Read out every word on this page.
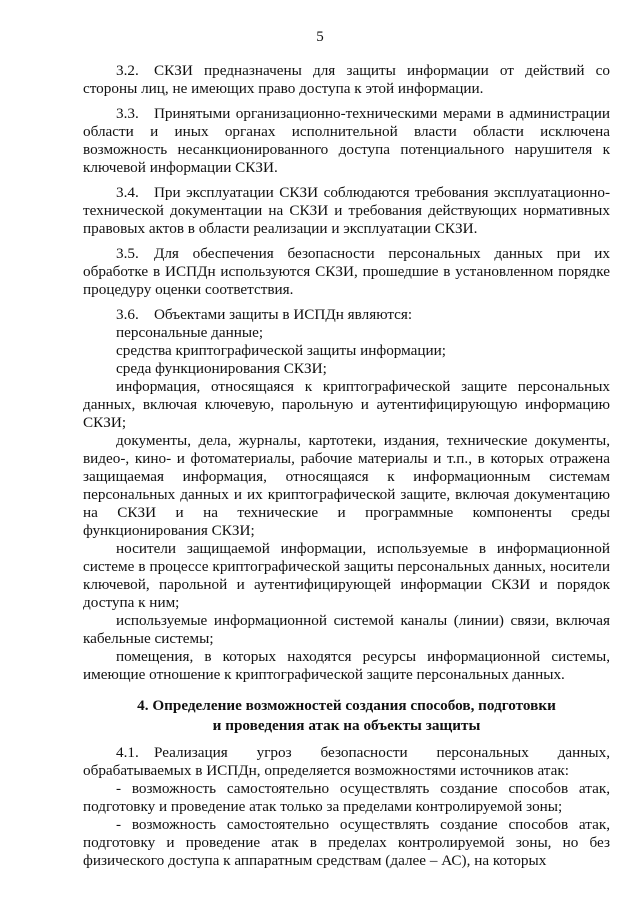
5

3.2. СКЗИ предназначены для защиты информации от действий со стороны лиц, не имеющих право доступа к этой информации.

3.3. Принятыми организационно-техническими мерами в администрации области и иных органах исполнительной власти области исключена возможность несанкционированного доступа потенциального нарушителя к ключевой информации СКЗИ.

3.4. При эксплуатации СКЗИ соблюдаются требования эксплуатационно-технической документации на СКЗИ и требования действующих нормативных правовых актов в области реализации и эксплуатации СКЗИ.

3.5. Для обеспечения безопасности персональных данных при их обработке в ИСПДн используются СКЗИ, прошедшие в установленном порядке процедуру оценки соответствия.

3.6. Объектами защиты в ИСПДн являются:

персональные данные;

средства криптографической защиты информации;

среда функционирования СКЗИ;

информация, относящаяся к криптографической защите персональных данных, включая ключевую, парольную и аутентифицирующую информацию СКЗИ;

документы, дела, журналы, картотеки, издания, технические документы, видео-, кино- и фотоматериалы, рабочие материалы и т.п., в которых отражена защищаемая информация, относящаяся к информационным системам персональных данных и их криптографической защите, включая документацию на СКЗИ и на технические и программные компоненты среды функционирования СКЗИ;

носители защищаемой информации, используемые в информационной системе в процессе криптографической защиты персональных данных, носители ключевой, парольной и аутентифицирующей информации СКЗИ и порядок доступа к ним;

используемые информационной системой каналы (линии) связи, включая кабельные системы;

помещения, в которых находятся ресурсы информационной системы, имеющие отношение к криптографической защите персональных данных.

4. Определение возможностей создания способов, подготовки
и проведения атак на объекты защиты

4.1. Реализация угроз безопасности персональных данных, обрабатываемых в ИСПДн, определяется возможностями источников атак:

- возможность самостоятельно осуществлять создание способов атак, подготовку и проведение атак только за пределами контролируемой зоны;

- возможность самостоятельно осуществлять создание способов атак, подготовку и проведение атак в пределах контролируемой зоны, но без физического доступа к аппаратным средствам (далее – АС), на которых
